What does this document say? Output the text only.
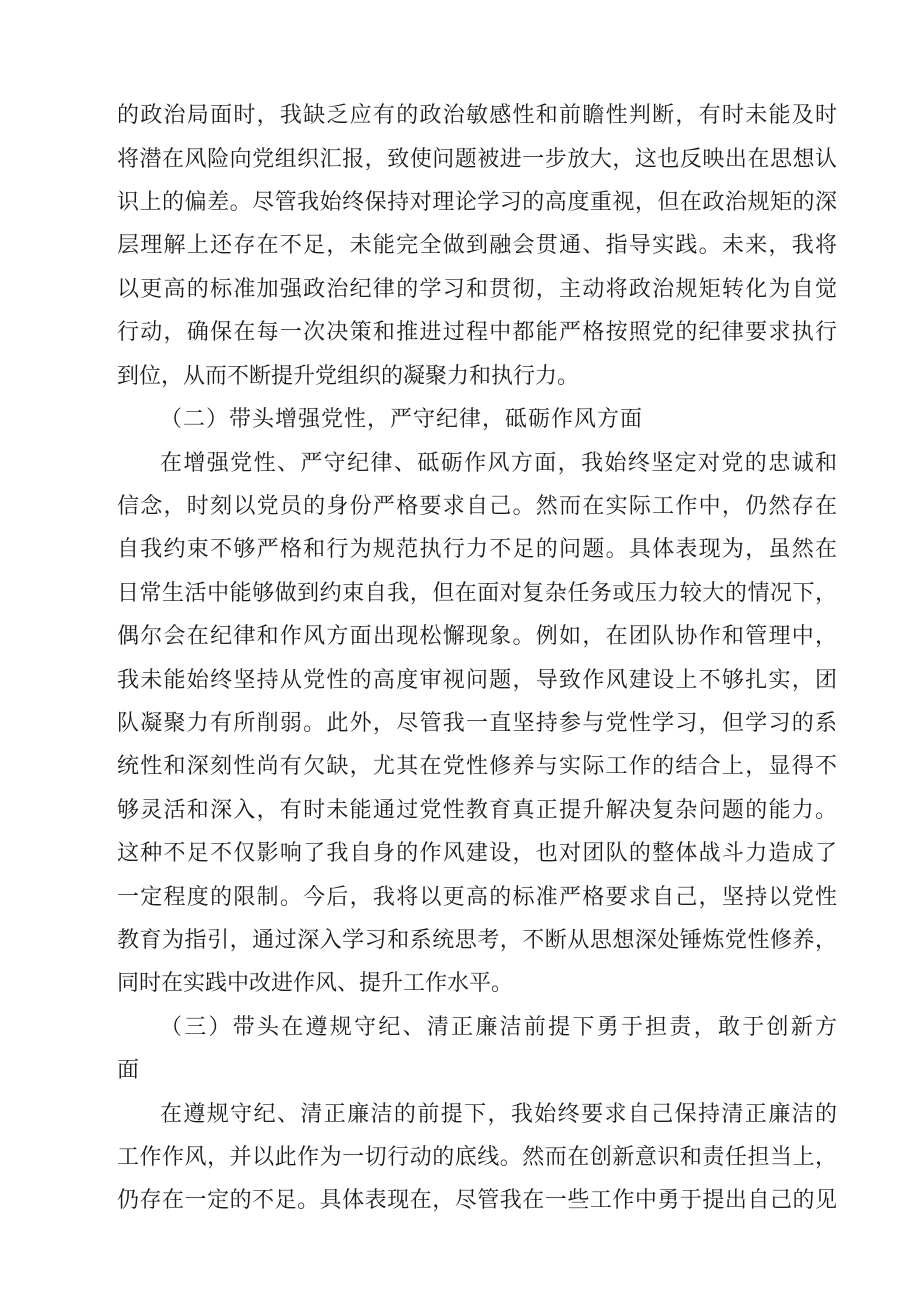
的政治局面时，我缺乏应有的政治敏感性和前瞻性判断，有时未能及时
将潜在风险向党组织汇报，致使问题被进一步放大，这也反映出在思想认
识上的偏差。尽管我始终保持对理论学习的高度重视，但在政治规矩的深
层理解上还存在不足，未能完全做到融会贯通、指导实践。未来，我将
以更高的标准加强政治纪律的学习和贯彻，主动将政治规矩转化为自觉
行动，确保在每一次决策和推进过程中都能严格按照党的纪律要求执行
到位，从而不断提升党组织的凝聚力和执行力。
（二）带头增强党性，严守纪律，砥砺作风方面
在增强党性、严守纪律、砥砺作风方面，我始终坚定对党的忠诚和
信念，时刻以党员的身份严格要求自己。然而在实际工作中，仍然存在
自我约束不够严格和行为规范执行力不足的问题。具体表现为，虽然在
日常生活中能够做到约束自我，但在面对复杂任务或压力较大的情况下，
偶尔会在纪律和作风方面出现松懈现象。例如，在团队协作和管理中，
我未能始终坚持从党性的高度审视问题，导致作风建设上不够扎实，团
队凝聚力有所削弱。此外，尽管我一直坚持参与党性学习，但学习的系
统性和深刻性尚有欠缺，尤其在党性修养与实际工作的结合上，显得不
够灵活和深入，有时未能通过党性教育真正提升解决复杂问题的能力。
这种不足不仅影响了我自身的作风建设，也对团队的整体战斗力造成了
一定程度的限制。今后，我将以更高的标准严格要求自己，坚持以党性
教育为指引，通过深入学习和系统思考，不断从思想深处锤炼党性修养，
同时在实践中改进作风、提升工作水平。
（三）带头在遵规守纪、清正廉洁前提下勇于担责，敢于创新方
面
在遵规守纪、清正廉洁的前提下，我始终要求自己保持清正廉洁的
工作作风，并以此作为一切行动的底线。然而在创新意识和责任担当上，
仍存在一定的不足。具体表现在，尽管我在一些工作中勇于提出自己的见
